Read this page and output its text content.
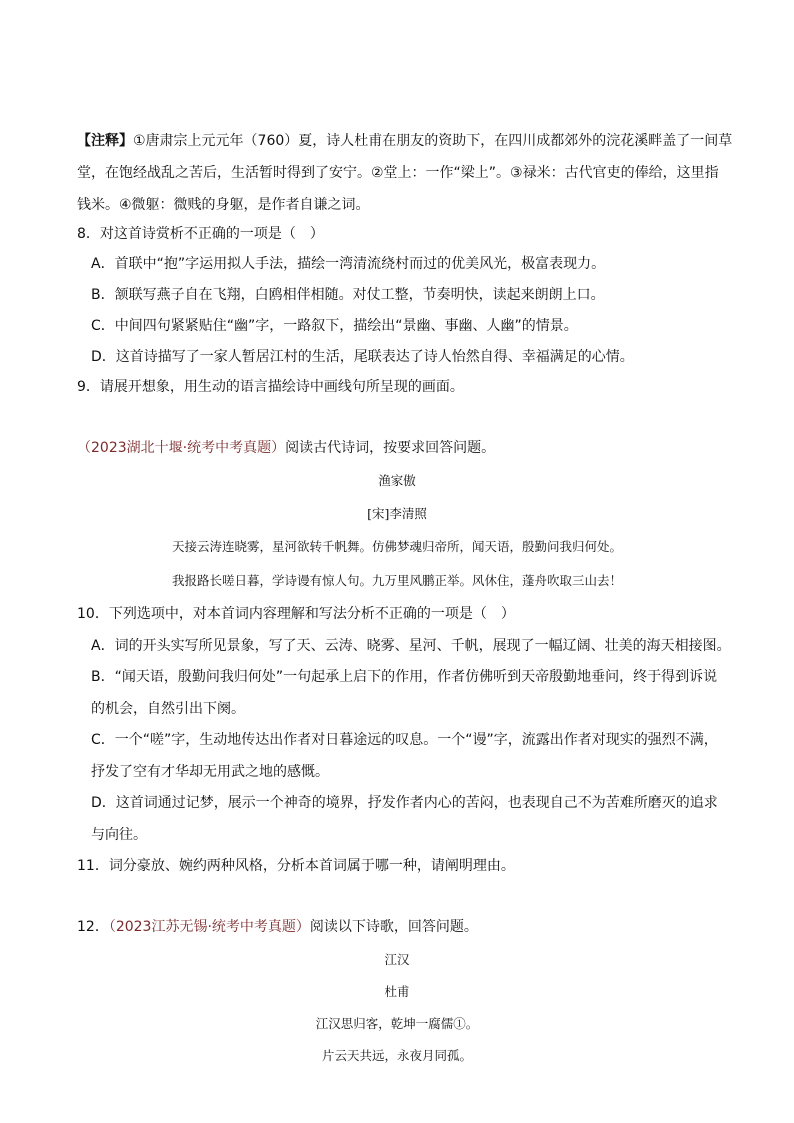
【注释】①唐肃宗上元元年（760）夏，诗人杜甫在朋友的资助下，在四川成都郊外的浣花溪畔盖了一间草
堂，在饱经战乱之苦后，生活暂时得到了安宁。②堂上：一作“梁上”。③禄米：古代官吏的俸给，这里指
钱米。④微躯：微贱的身躯，是作者自谦之词。
8．对这首诗赏析不正确的一项是（　）
A．首联中“抱”字运用拟人手法，描绘一湾清流绕村而过的优美风光，极富表现力。
B．颔联写燕子自在飞翔，白鸥相伴相随。对仗工整，节奏明快，读起来朗朗上口。
C．中间四句紧紧贴住“幽”字，一路叙下，描绘出“景幽、事幽、人幽”的情景。
D．这首诗描写了一家人暂居江村的生活，尾联表达了诗人怡然自得、幸福满足的心情。
9．请展开想象，用生动的语言描绘诗中画线句所呈现的画面。
（2023湖北十堰·统考中考真题）阅读古代诗词，按要求回答问题。
渔家傲
[宋]李清照
天接云涛连晓雾，星河欲转千帆舞。仿佛梦魂归帝所，闻天语，殷勤问我归何处。
我报路长嗟日暮，学诗谩有惊人句。九万里风鹏正举。风休住，蓬舟吹取三山去！
10．下列选项中，对本首词内容理解和写法分析不正确的一项是（　）
A．词的开头实写所见景象，写了天、云涛、晓雾、星河、千帆，展现了一幅辽阔、壮美的海天相接图。
B．“闻天语，殷勤问我归何处”一句起承上启下的作用，作者仿佛听到天帝殷勤地垂问，终于得到诉说
的机会，自然引出下阕。
C．一个“嗟”字，生动地传达出作者对日暮途远的叹息。一个“谩”字，流露出作者对现实的强烈不满，
抒发了空有才华却无用武之地的感慨。
D．这首词通过记梦，展示一个神奇的境界，抒发作者内心的苦闷，也表现自己不为苦难所磨灭的追求
与向往。
11．词分豪放、婉约两种风格，分析本首词属于哪一种，请阐明理由。
12．（2023江苏无锡·统考中考真题）阅读以下诗歌，回答问题。
江汉
杜甫
江汉思归客，乾坤一腐儒①。
片云天共远，永夜月同孤。
